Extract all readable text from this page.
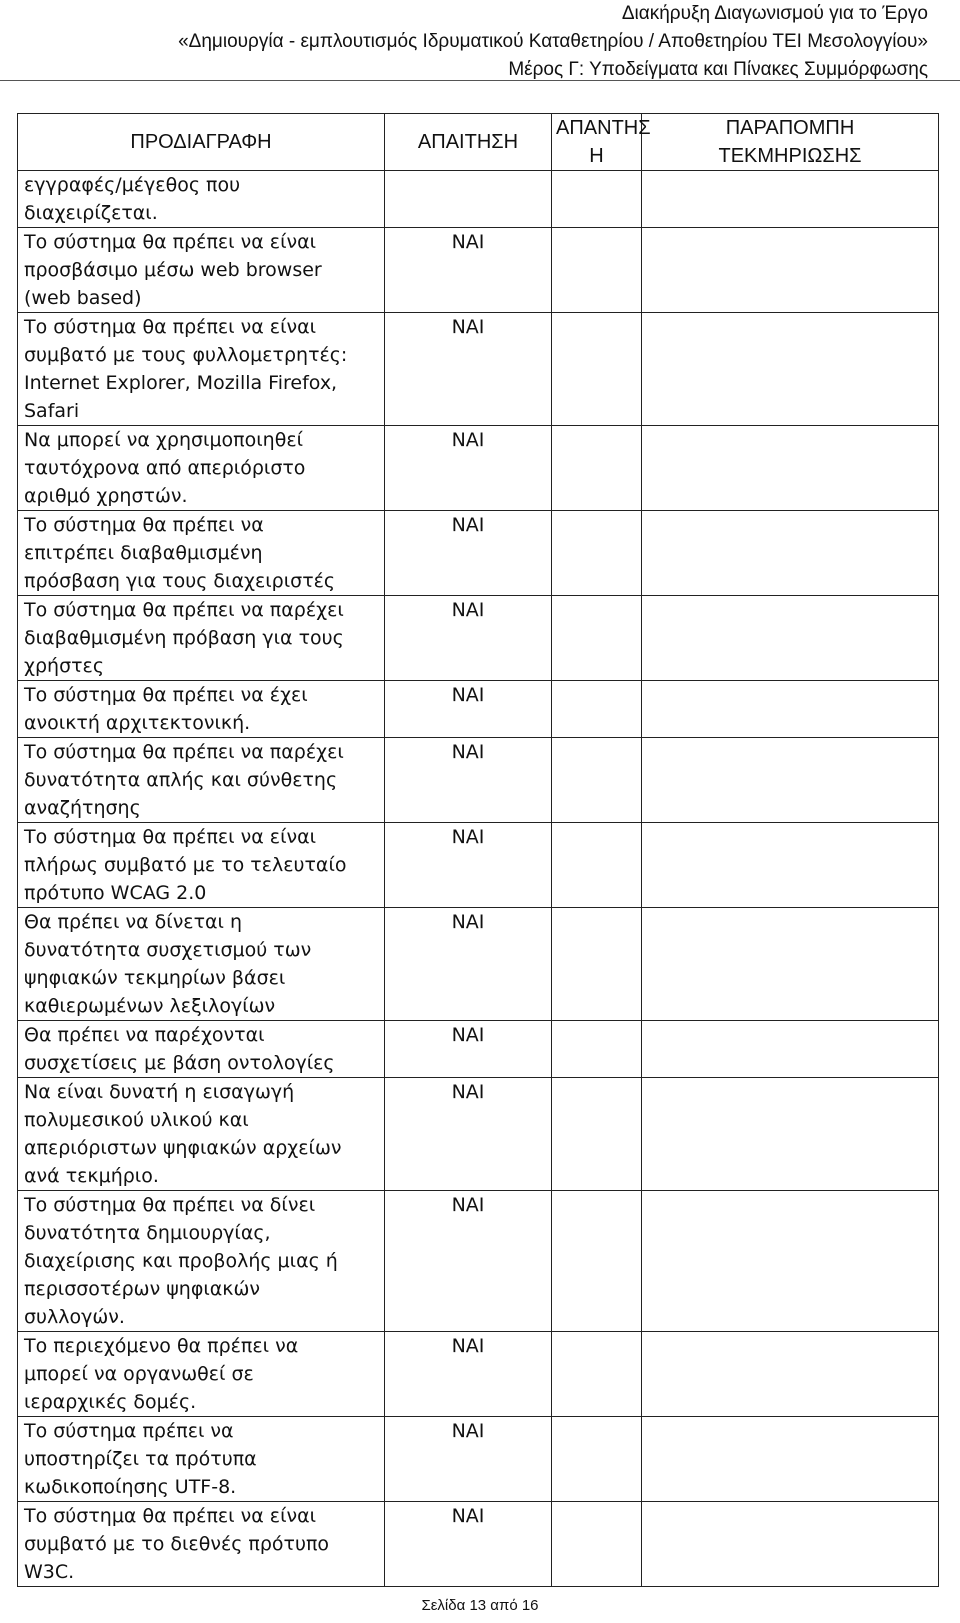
Διακήρυξη Διαγωνισμού για το Έργο
«Δημιουργία - εμπλουτισμός Ιδρυματικού Καταθετηρίου / Αποθετηρίου ΤΕΙ Μεσολογγίου»
Μέρος Γ: Υποδείγματα και Πίνακες Συμμόρφωσης
ΠΡΟΔΙΑΓΡΑΦΗ	ΑΠΑΙΤΗΣΗ	ΑΠΑΝΤΗΣ
Η	ΠΑΡΑΠΟΜΠΗ
ΤΕΚΜΗΡΙΩΣΗΣ
εγγραφές/μέγεθος που
διαχειρίζεται.			
Το σύστημα θα πρέπει να είναι
προσβάσιμο μέσω web browser
(web based)	ΝΑΙ		
Το σύστημα θα πρέπει να είναι
συμβατό με τους φυλλομετρητές:
Internet Explorer, Mozilla Firefox,
Safari	ΝΑΙ		
Να μπορεί να χρησιμοποιηθεί
ταυτόχρονα από απεριόριστο
αριθμό χρηστών.	ΝΑΙ		
Το σύστημα θα πρέπει να
επιτρέπει διαβαθμισμένη
πρόσβαση για τους διαχειριστές	ΝΑΙ		
Το σύστημα θα πρέπει να παρέχει
διαβαθμισμένη πρόβαση για τους
χρήστες	ΝΑΙ		
Το σύστημα θα πρέπει να έχει
ανοικτή αρχιτεκτονική.	ΝΑΙ		
Το σύστημα θα πρέπει να παρέχει
δυνατότητα απλής και σύνθετης
αναζήτησης	ΝΑΙ		
Το σύστημα θα πρέπει να είναι
πλήρως συμβατό με το τελευταίο
πρότυπο WCAG 2.0	ΝΑΙ		
Θα πρέπει να δίνεται η
δυνατότητα συσχετισμού των
ψηφιακών τεκμηρίων βάσει
καθιερωμένων λεξιλογίων	ΝΑΙ		
Θα πρέπει να παρέχονται
συσχετίσεις με βάση οντολογίες	ΝΑΙ		
Να είναι δυνατή η εισαγωγή
πολυμεσικού υλικού και
απεριόριστων ψηφιακών αρχείων
ανά τεκμήριο.	ΝΑΙ		
Το σύστημα θα πρέπει να δίνει
δυνατότητα δημιουργίας,
διαχείρισης και προβολής μιας ή
περισσοτέρων ψηφιακών
συλλογών.	ΝΑΙ		
Το περιεχόμενο θα πρέπει να
μπορεί να οργανωθεί σε
ιεραρχικές δομές.	ΝΑΙ		
Το σύστημα πρέπει να
υποστηρίζει τα πρότυπα
κωδικοποίησης UTF-8.	ΝΑΙ		
Το σύστημα θα πρέπει να είναι
συμβατό με το διεθνές πρότυπο
W3C.	ΝΑΙ		
Σελίδα 13 από 16
